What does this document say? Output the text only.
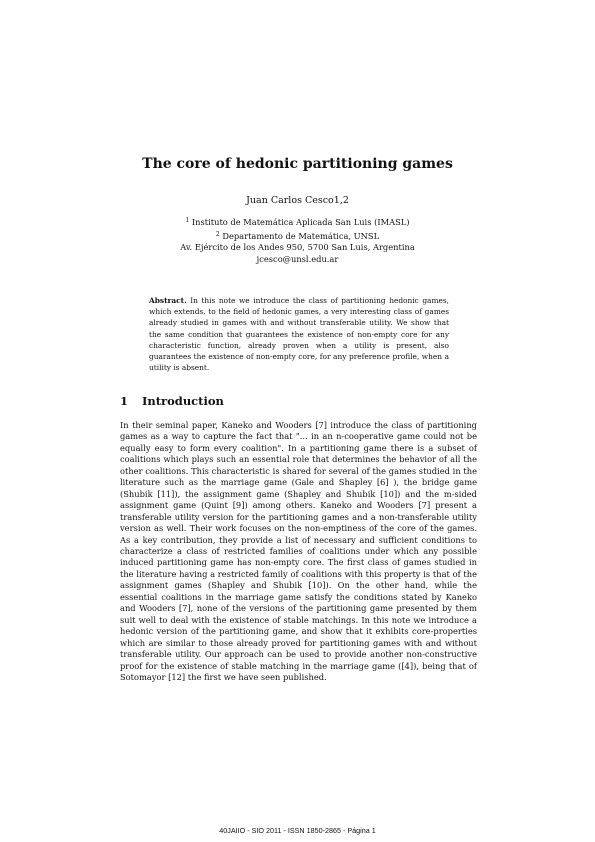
The core of hedonic partitioning games
Juan Carlos Cesco1,2
$^1$ Instituto de Matemática Aplicada San Luis (IMASL)
$^2$ Departamento de Matemática, UNSL
Av. Ejército de los Andes 950, 5700 San Luis, Argentina
jcesco@unsl.edu.ar
Abstract. In this note we introduce the class of partitioning hedonic games, which extends, to the field of hedonic games, a very interesting class of games already studied in games with and without transferable utility. We show that the same condition that guarantees the existence of non-empty core for any characteristic function, already proven when a utility is present, also guarantees the existence of non-empty core, for any preference profile, when a utility is absent.
1 Introduction

In their seminal paper, Kaneko and Wooders [7] introduce the class of partitioning games as a way to capture the fact that "... in an n-cooperative game could not be equally easy to form every coalition". In a partitioning game there is a subset of coalitions which plays such an essential role that determines the behavior of all the other coalitions. This characteristic is shared for several of the games studied in the literature such as the marriage game (Gale and Shapley [6] ), the bridge game (Shubik [11]), the assignment game (Shapley and Shubik [10]) and the m-sided assignment game (Quint [9]) among others. Kaneko and Wooders [7] present a transferable utility version for the partitioning games and a non-transferable utility version as well. Their work focuses on the non-emptiness of the core of the games. As a key contribution, they provide a list of necessary and sufficient conditions to characterize a class of restricted families of coalitions under which any possible induced partitioning game has non-empty core. The first class of games studied in the literature having a restricted family of coalitions with this property is that of the assignment games (Shapley and Shubik [10]). On the other hand, while the essential coalitions in the marriage game satisfy the conditions stated by Kaneko and Wooders [7], none of the versions of the partitioning game presented by them suit well to deal with the existence of stable matchings. In this note we introduce a hedonic version of the partitioning game, and show that it exhibits core-properties which are similar to those already proved for partitioning games with and without transferable utility. Our approach can be used to provide another non-constructive proof for the existence of stable matching in the marriage game ([4]), being that of Sotomayor [12] the first we have seen published.

40JAIIO - SIO 2011 - ISSN 1850-2865 - Página 1
